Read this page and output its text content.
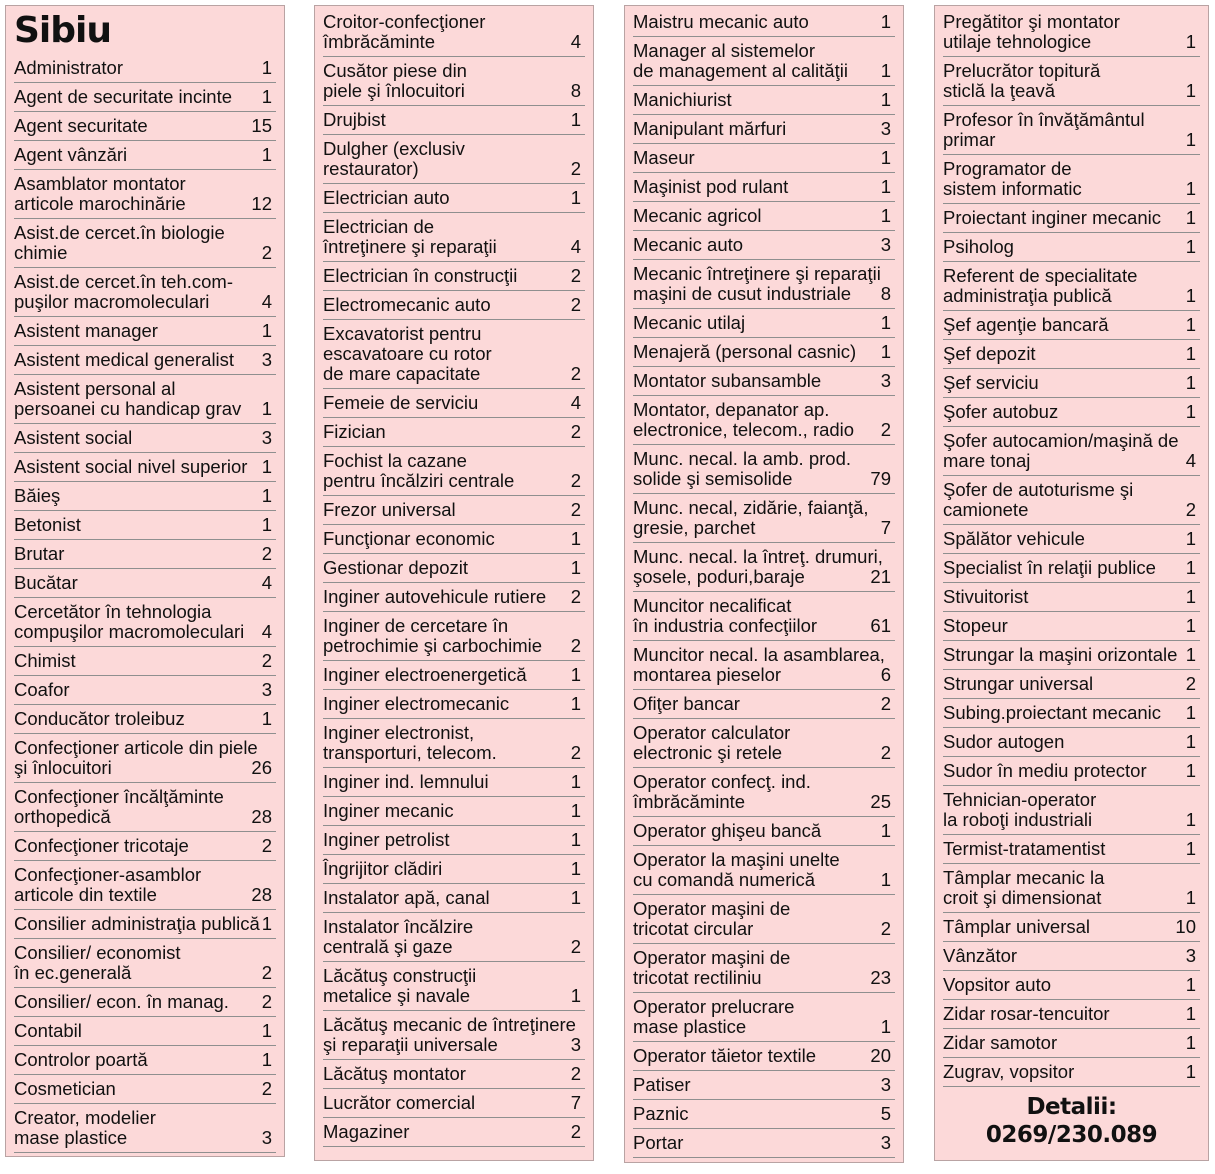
Sibiu
Administrator	1
Agent de securitate incinte	1
Agent securitate	15
Agent vânzări	1
Asamblator montator
articole marochinărie	12
Asist.de cercet.în biologie
chimie	2
Asist.de cercet.în teh.com-
puşilor macromoleculari	4
Asistent manager	1
Asistent medical generalist	3
Asistent personal al
persoanei cu handicap grav	1
Asistent social	3
Asistent social nivel superior 1
Băieş	1
Betonist	1
Brutar	2
Bucătar	4
Cercetător în tehnologia
compuşilor macromoleculari 4
Chimist	2
Coafor	3
Conducător troleibuz	1
Confecţioner articole din piele
şi înlocuitori	26
Confecţioner încălţăminte
orthopedică	28
Confecţioner tricotaje	2
Confecţioner-asamblor
articole din textile	28
Consilier administraţia publică 1
Consilier/ economist
în ec.generală	2
Consilier/ econ. în manag.	2
Contabil	1
Controlor poartă	1
Cosmetician	2
Creator, modelier
mase plastice	3
Croitor-confecţioner
îmbrăcăminte	4
Cusător piese din
piele şi înlocuitori	8
Drujbist	1
Dulgher (exclusiv
restaurator)	2
Electrician auto	1
Electrician de
întreţinere şi reparaţii	4
Electrician în construcţii	2
Electromecanic auto	2
Excavatorist pentru
escavatoare cu rotor
de mare capacitate	2
Femeie de serviciu	4
Fizician	2
Fochist la cazane
pentru încălziri centrale	2
Frezor universal	2
Funcţionar economic	1
Gestionar depozit	1
Inginer autovehicule rutiere	2
Inginer de cercetare în
petrochimie şi carbochimie	2
Inginer electroenergetică	1
Inginer electromecanic	1
Inginer electronist,
transporturi, telecom.	2
Inginer ind. lemnului	1
Inginer mecanic	1
Inginer petrolist	1
Îngrijitor clădiri	1
Instalator apă, canal	1
Instalator încălzire
centrală şi gaze	2
Lăcătuş construcţii
metalice şi navale	1
Lăcătuş mecanic de întreţinere
şi reparaţii universale	3
Lăcătuş montator	2
Lucrător comercial	7
Magaziner	2
Maistru mecanic auto	1
Manager al sistemelor
de management al calităţii	1
Manichiurist	1
Manipulant mărfuri	3
Maseur	1
Maşinist pod rulant	1
Mecanic agricol	1
Mecanic auto	3
Mecanic întreţinere şi reparaţii
maşini de cusut industriale	8
Mecanic utilaj	1
Menajeră (personal casnic)	1
Montator subansamble	3
Montator, depanator ap.
electronice, telecom., radio	2
Munc. necal. la amb. prod.
solide şi semisolide	79
Munc. necal, zidărie, faianţă,
gresie, parchet	7
Munc. necal. la întreţ. drumuri,
şosele, poduri,baraje	21
Muncitor necalificat
în industria confecţiilor	61
Muncitor necal. la asamblarea,
montarea pieselor	6
Ofiţer bancar	2
Operator calculator
electronic şi retele	2
Operator confecţ. ind.
îmbrăcăminte	25
Operator ghişeu bancă	1
Operator la maşini unelte
cu comandă numerică	1
Operator maşini de
tricotat circular	2
Operator maşini de
tricotat rectiliniu	23
Operator prelucrare
mase plastice	1
Operator tăietor textile	20
Patiser	3
Paznic	5
Portar	3
Pregătitor şi montator
utilaje tehnologice	1
Prelucrător topitură
sticlă la ţeavă	1
Profesor în învăţământul
primar	1
Programator de
sistem informatic	1
Proiectant inginer mecanic	1
Psiholog	1
Referent de specialitate
administraţia publică	1
Şef agenţie bancară	1
Şef depozit	1
Şef serviciu	1
Şofer autobuz	1
Şofer autocamion/maşină de
mare tonaj	4
Şofer de autoturisme şi
camionete	2
Spălător vehicule	1
Specialist în relaţii publice	1
Stivuitorist	1
Stopeur	1
Strungar la maşini orizontale 1
Strungar universal	2
Subing.proiectant mecanic	1
Sudor autogen	1
Sudor în mediu protector	1
Tehnician-operator
la roboţi industriali	1
Termist-tratamentist	1
Tâmplar mecanic la
croit şi dimensionat	1
Tâmplar universal	10
Vânzător	3
Vopsitor auto	1
Zidar rosar-tencuitor	1
Zidar samotor	1
Zugrav, vopsitor	1
Detalii: 0269/230.089
